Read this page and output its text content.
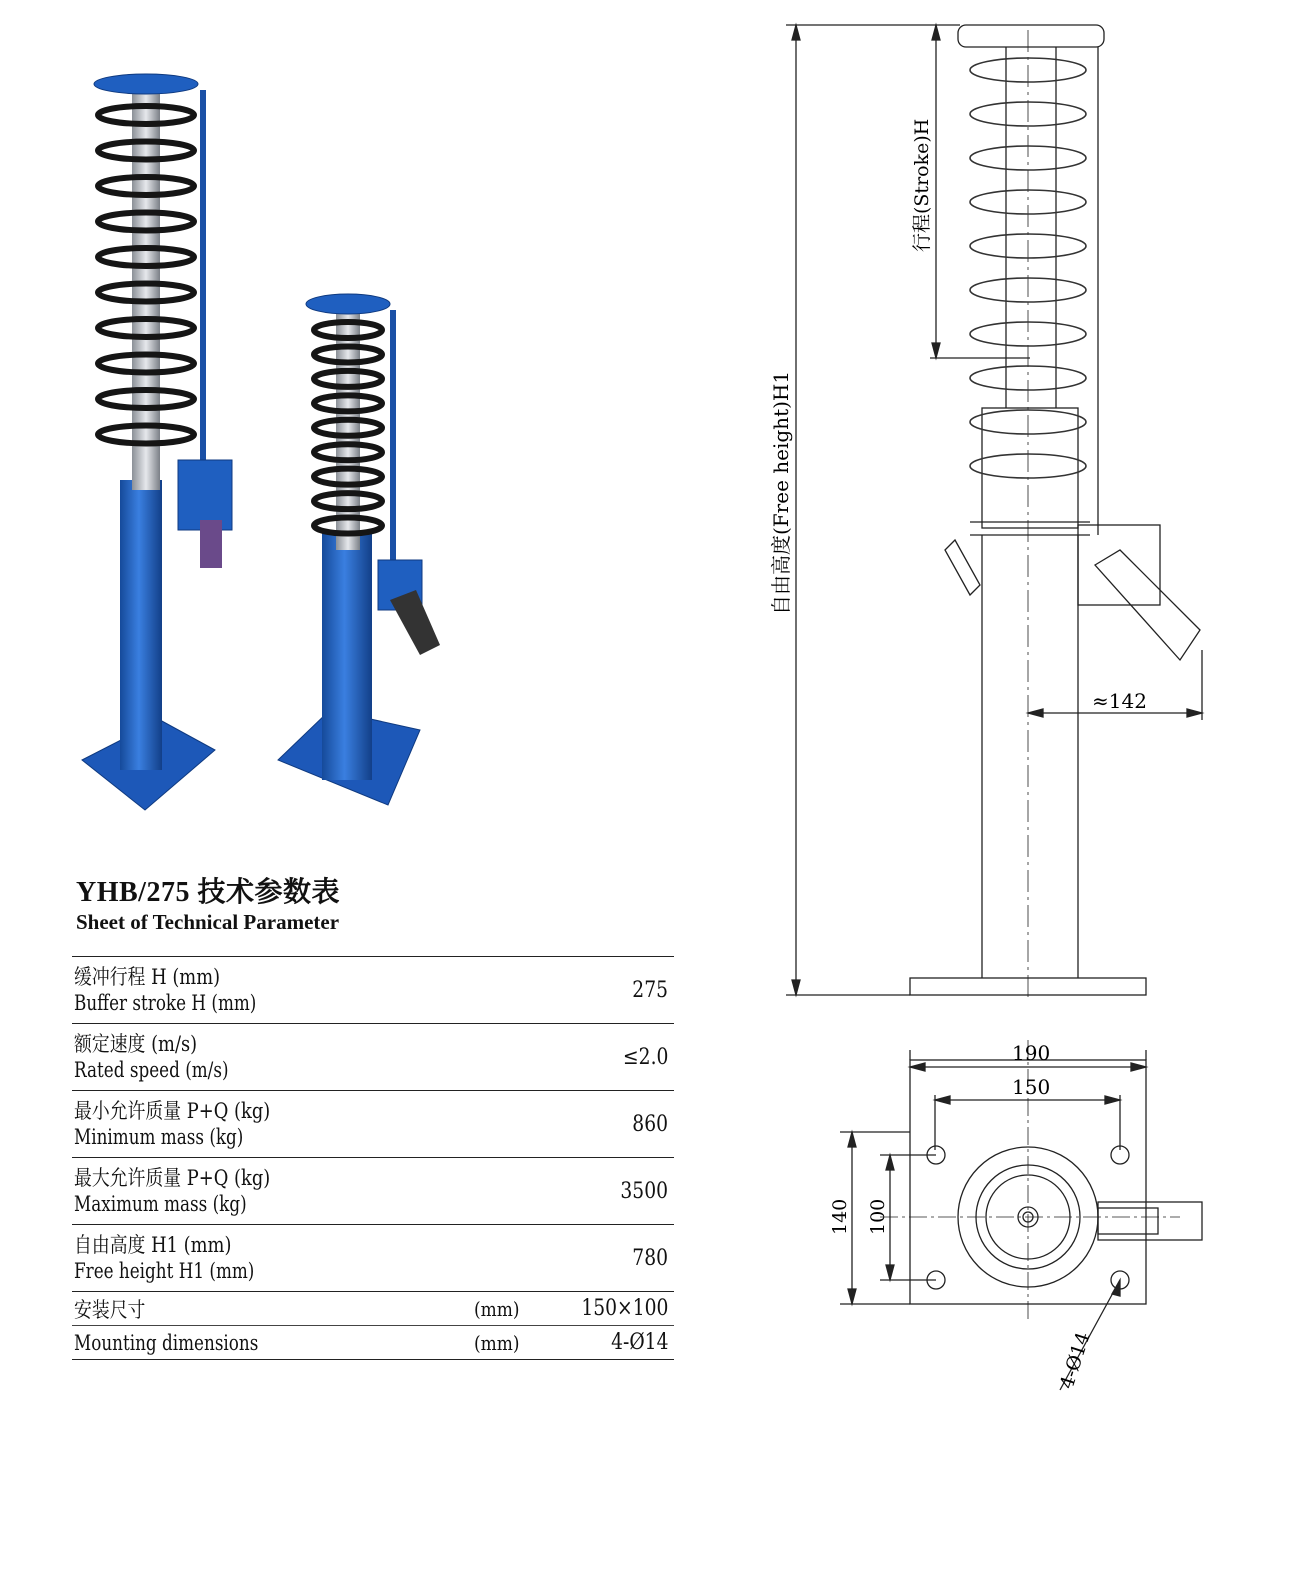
自由高度(Free height)H1
行程(Stroke)H
≈142
190
150
140 100
4-Ø14
YHB/275 技术参数表
Sheet of Technical Parameter
缓冲行程 H (mm)
Buffer stroke H (mm)		275

额定速度 (m/s)
Rated speed (m/s)		≤2.0

最小允许质量 P+Q (kg)
Minimum mass (kg)		860

最大允许质量 P+Q (kg)
Maximum mass (kg)		3500

自由高度 H1 (mm)
Free height H1 (mm)		780

安装尺寸	(mm)	150×100

Mounting dimensions	(mm)	4-Ø14
